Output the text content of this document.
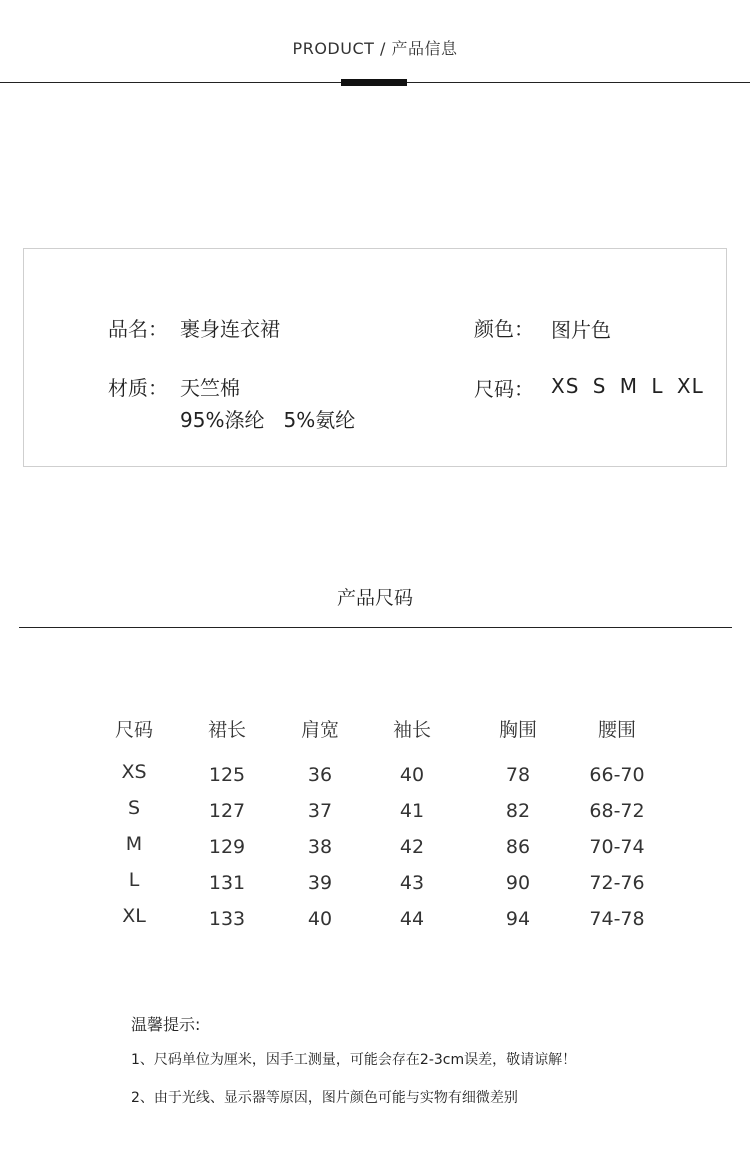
PRODUCT / 产品信息
品名： 裹身连衣裙	颜色： 图片色
材质： 天竺棉
95%涤纶   5%氨纶
尺码： XS S M L XL
产品尺码
尺码	裙长	肩宽	袖长	胸围	腰围
XS	125	36	40	78	66-70
S	127	37	41	82	68-72
M	129	38	42	86	70-74
L	131	39	43	90	72-76
XL	133	40	44	94	74-78
温馨提示:
1、尺码单位为厘米，因手工测量，可能会存在2-3cm误差，敬请谅解！
2、由于光线、显示器等原因，图片颜色可能与实物有细微差别
